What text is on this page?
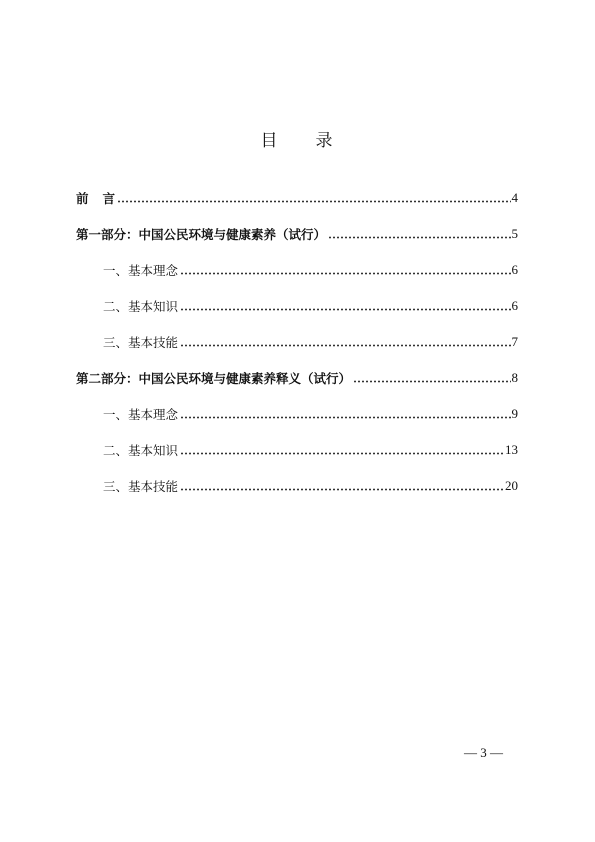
目 录
前 言	4
第一部分：中国公民环境与健康素养（试行）	5
一、基本理念	6
二、基本知识	6
三、基本技能	7
第二部分：中国公民环境与健康素养释义（试行）	8
一、基本理念	9
二、基本知识	13
三、基本技能	20
— 3 —
